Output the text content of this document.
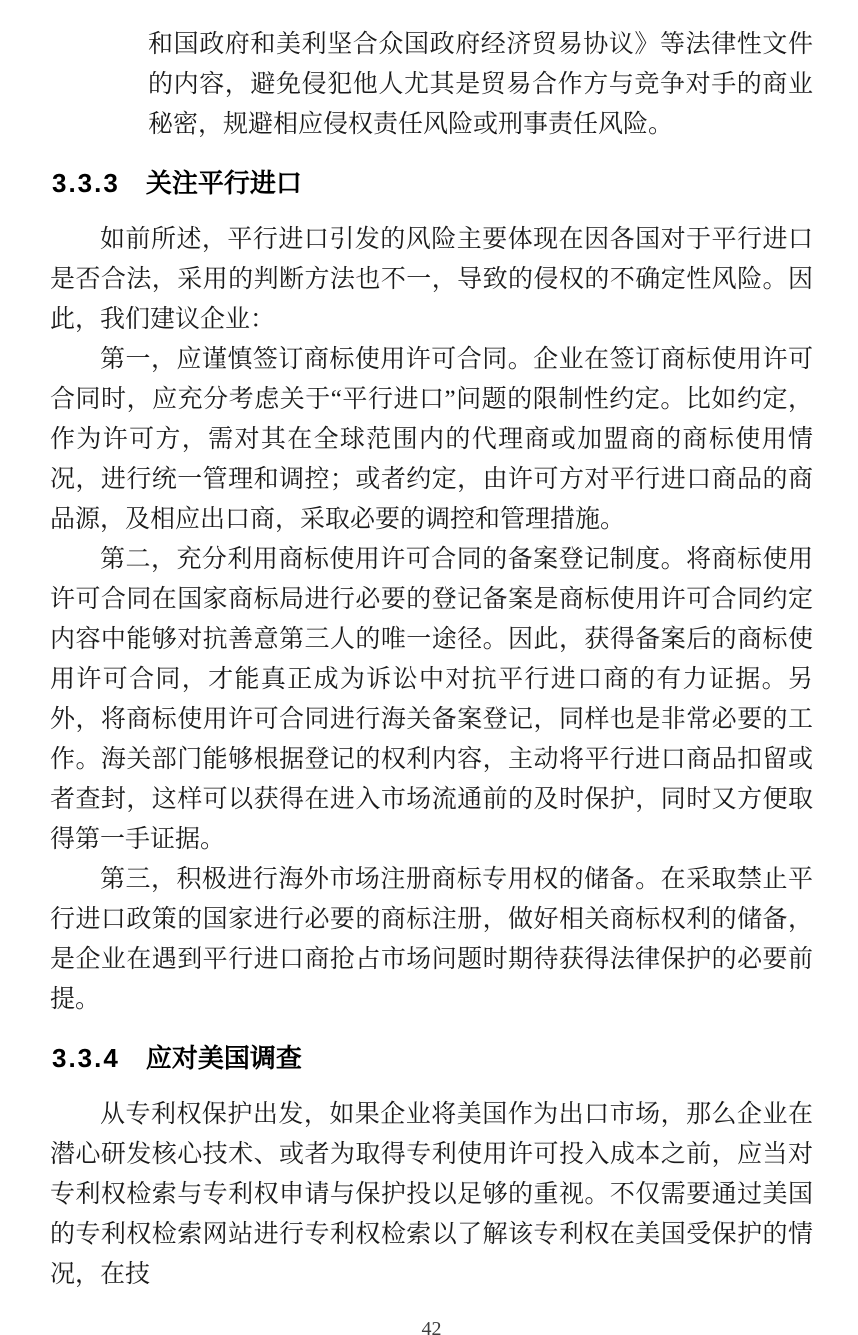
和国政府和美利坚合众国政府经济贸易协议》等法律性文件的内容，避免侵犯他人尤其是贸易合作方与竞争对手的商业秘密，规避相应侵权责任风险或刑事责任风险。

3.3.3 关注平行进口

如前所述，平行进口引发的风险主要体现在因各国对于平行进口是否合法，采用的判断方法也不一，导致的侵权的不确定性风险。因此，我们建议企业：

第一，应谨慎签订商标使用许可合同。企业在签订商标使用许可合同时，应充分考虑关于“平行进口”问题的限制性约定。比如约定，作为许可方，需对其在全球范围内的代理商或加盟商的商标使用情况，进行统一管理和调控；或者约定，由许可方对平行进口商品的商品源，及相应出口商，采取必要的调控和管理措施。

第二，充分利用商标使用许可合同的备案登记制度。将商标使用许可合同在国家商标局进行必要的登记备案是商标使用许可合同约定内容中能够对抗善意第三人的唯一途径。因此，获得备案后的商标使用许可合同，才能真正成为诉讼中对抗平行进口商的有力证据。另外，将商标使用许可合同进行海关备案登记，同样也是非常必要的工作。海关部门能够根据登记的权利内容，主动将平行进口商品扣留或者查封，这样可以获得在进入市场流通前的及时保护，同时又方便取得第一手证据。

第三，积极进行海外市场注册商标专用权的储备。在采取禁止平行进口政策的国家进行必要的商标注册，做好相关商标权利的储备，是企业在遇到平行进口商抢占市场问题时期待获得法律保护的必要前提。

3.3.4 应对美国调查

从专利权保护出发，如果企业将美国作为出口市场，那么企业在潜心研发核心技术、或者为取得专利使用许可投入成本之前，应当对专利权检索与专利权申请与保护投以足够的重视。不仅需要通过美国的专利权检索网站进行专利权检索以了解该专利权在美国受保护的情况，在技

42
